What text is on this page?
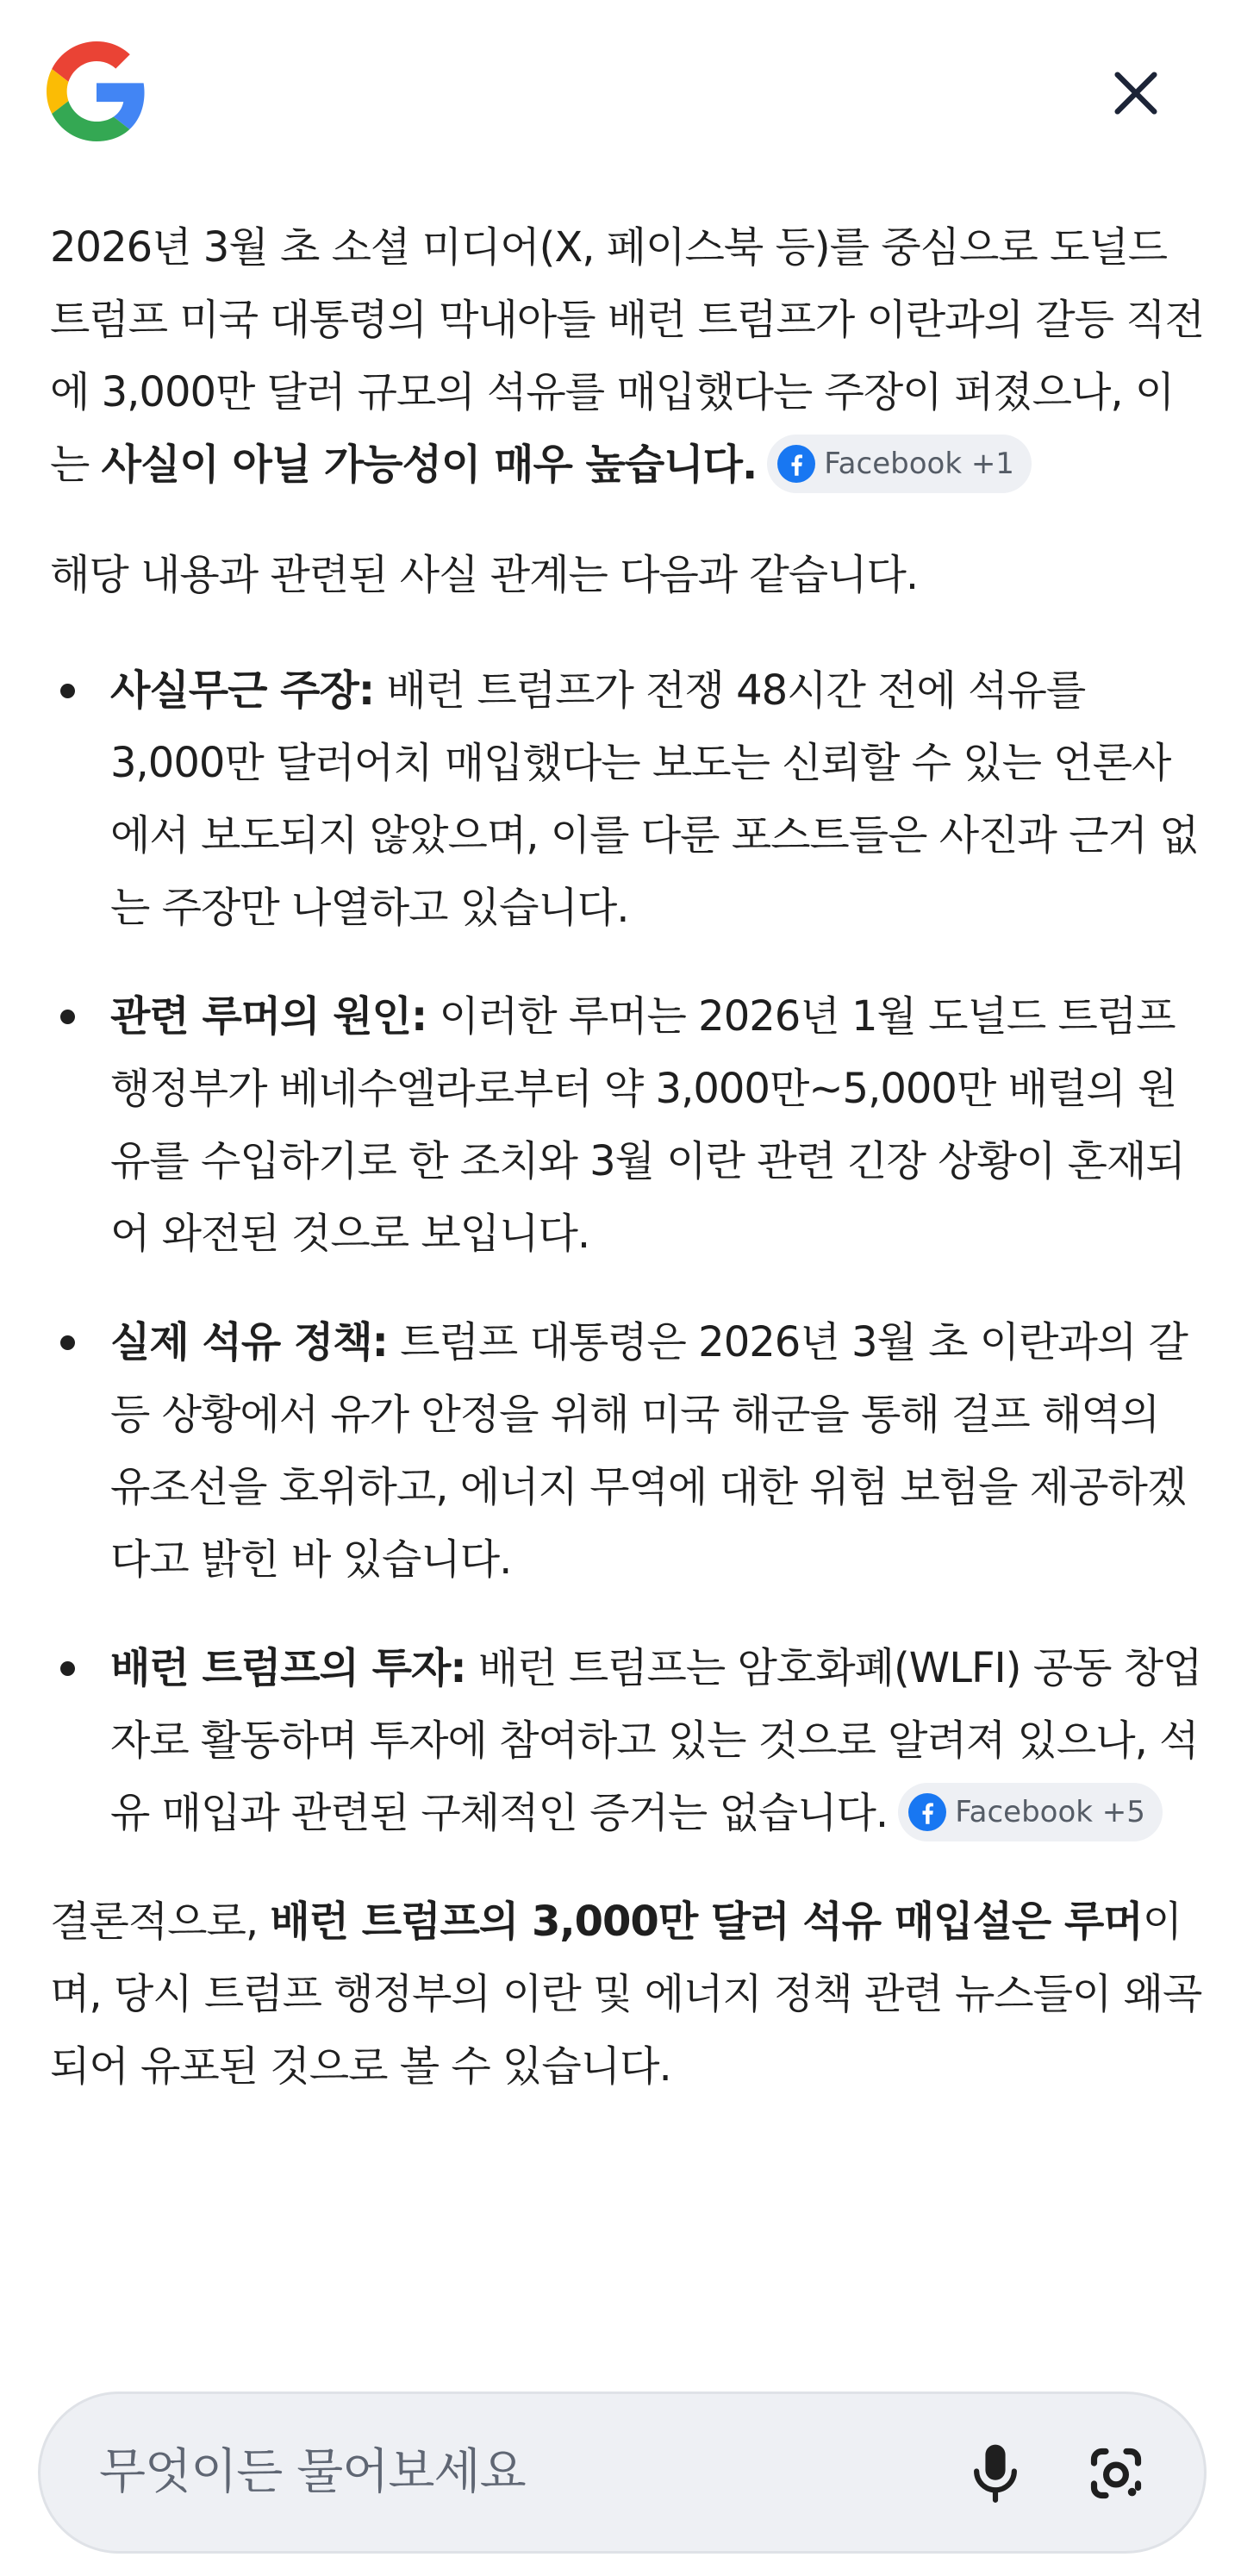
2026년 3월 초 소셜 미디어(X, 페이스북 등)를 중심으로 도널드 트럼프 미국 대통령의 막내아들 배런 트럼프가 이란과의 갈등 직전에 3,000만 달러 규모의 석유를 매입했다는 주장이 퍼졌으나, 이는 사실이 아닐 가능성이 매우 높습니다. Facebook +1

해당 내용과 관련된 사실 관계는 다음과 같습니다.

사실무근 주장: 배런 트럼프가 전쟁 48시간 전에 석유를 3,000만 달러어치 매입했다는 보도는 신뢰할 수 있는 언론사에서 보도되지 않았으며, 이를 다룬 포스트들은 사진과 근거 없는 주장만 나열하고 있습니다.
관련 루머의 원인: 이러한 루머는 2026년 1월 도널드 트럼프 행정부가 베네수엘라로부터 약 3,000만~5,000만 배럴의 원유를 수입하기로 한 조치와 3월 이란 관련 긴장 상황이 혼재되어 와전된 것으로 보입니다.
실제 석유 정책: 트럼프 대통령은 2026년 3월 초 이란과의 갈등 상황에서 유가 안정을 위해 미국 해군을 통해 걸프 해역의 유조선을 호위하고, 에너지 무역에 대한 위험 보험을 제공하겠다고 밝힌 바 있습니다.
배런 트럼프의 투자: 배런 트럼프는 암호화폐(WLFI) 공동 창업자로 활동하며 투자에 참여하고 있는 것으로 알려져 있으나, 석유 매입과 관련된 구체적인 증거는 없습니다. Facebook +5

결론적으로, 배런 트럼프의 3,000만 달러 석유 매입설은 루머이며, 당시 트럼프 행정부의 이란 및 에너지 정책 관련 뉴스들이 왜곡되어 유포된 것으로 볼 수 있습니다.

무엇이든 물어보세요
